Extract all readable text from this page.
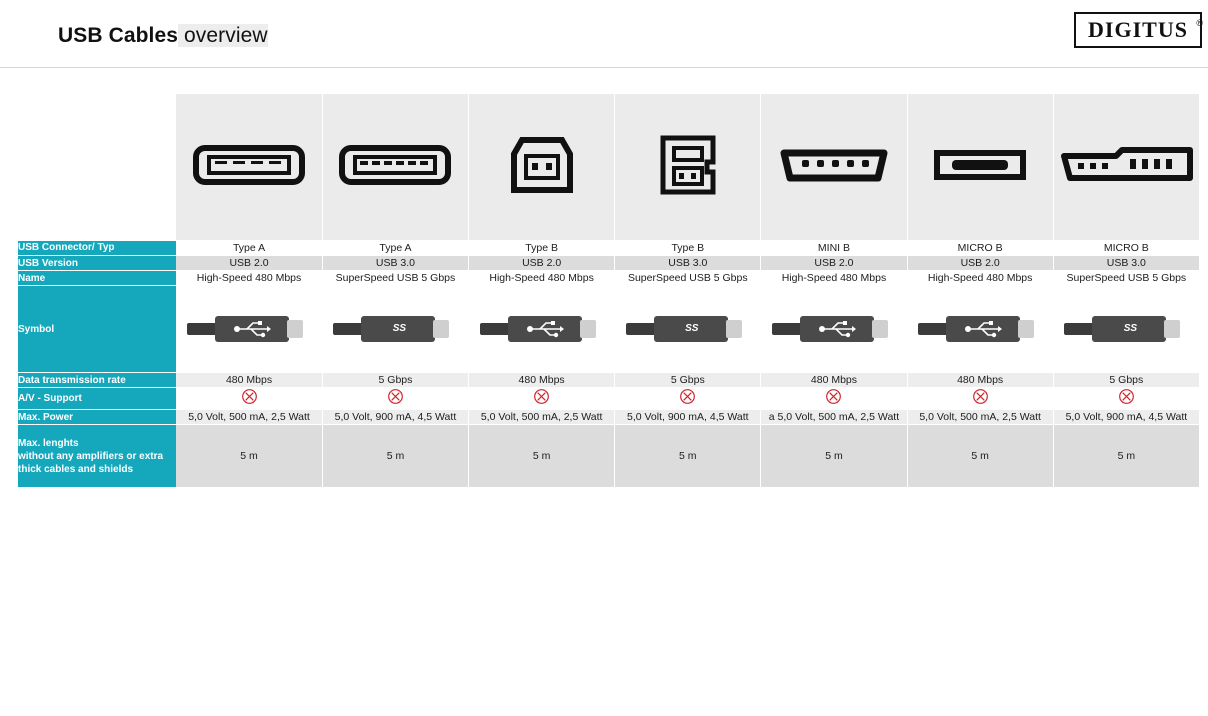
USB Cables overview	DIGITUS ®

USB Connector/ Typ	Type A	Type A	Type B	Type B	MINI B	MICRO B	MICRO B
USB Version	USB 2.0	USB 3.0	USB 2.0	USB 3.0	USB 2.0	USB 2.0	USB 3.0
Name	High-Speed 480 Mbps	SuperSpeed USB 5 Gbps	High-Speed 480 Mbps	SuperSpeed USB 5 Gbps	High-Speed 480 Mbps	High-Speed 480 Mbps	SuperSpeed USB 5 Gbps
Symbol		SS		SS			SS

Data transmission rate	480 Mbps	5 Gbps	480 Mbps	5 Gbps	480 Mbps	480 Mbps	5 Gbps
A/V - Support	

Max. Power	5,0 Volt, 500 mA, 2,5 Watt	5,0 Volt, 900 mA, 4,5 Watt	5,0 Volt, 500 mA, 2,5 Watt	5,0 Volt, 900 mA, 4,5 Watt	a 5,0 Volt, 500 mA, 2,5 Watt	5,0 Volt, 500 mA, 2,5 Watt	5,0 Volt, 900 mA, 4,5 Watt

Max. lenghts
without any amplifiers or extra
thick cables and shields	5 m	5 m	5 m	5 m	5 m	5 m	5 m
